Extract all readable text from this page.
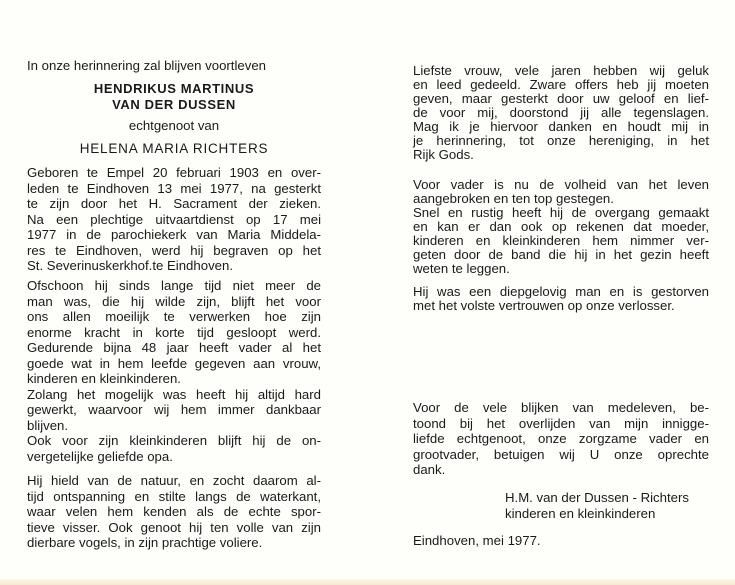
In onze herinnering zal blijven voortleven
HENDRIKUS MARTINUS
VAN DER DUSSEN
echtgenoot van
HELENA MARIA RICHTERS
Geboren te Empel 20 februari 1903 en over-
leden te Eindhoven 13 mei 1977, na gesterkt
te zijn door het H. Sacrament der zieken.
Na een plechtige uitvaartdienst op 17 mei
1977 in de parochiekerk van Maria Middela-
res te Eindhoven, werd hij begraven op het
St. Severinuskerkhof.te Eindhoven.
Ofschoon hij sinds lange tijd niet meer de
man was, die hij wilde zijn, blijft het voor
ons allen moeilijk te verwerken hoe zijn
enorme kracht in korte tijd gesloopt werd.
Gedurende bijna 48 jaar heeft vader al het
goede wat in hem leefde gegeven aan vrouw,
kinderen en kleinkinderen.
Zolang het mogelijk was heeft hij altijd hard
gewerkt, waarvoor wij hem immer dankbaar
blijven.
Ook voor zijn kleinkinderen blijft hij de on-
vergetelijke geliefde opa.
Hij hield van de natuur, en zocht daarom al-
tijd ontspanning en stilte langs de waterkant,
waar velen hem kenden als de echte spor-
tieve visser. Ook genoot hij ten volle van zijn
dierbare vogels, in zijn prachtige voliere.
Liefste vrouw, vele jaren hebben wij geluk
en leed gedeeld. Zware offers heb jij moeten
geven, maar gesterkt door uw geloof en lief-
de voor mij, doorstond jij alle tegenslagen.
Mag ik je hiervoor danken en houdt mij in
je herinnering, tot onze hereniging, in het
Rijk Gods.
Voor vader is nu de volheid van het leven
aangebroken en ten top gestegen.
Snel en rustig heeft hij de overgang gemaakt
en kan er dan ook op rekenen dat moeder,
kinderen en kleinkinderen hem nimmer ver-
geten door de band die hij in het gezin heeft
weten te leggen.
Hij was een diepgelovig man en is gestorven
met het volste vertrouwen op onze verlosser.
Voor de vele blijken van medeleven, be-
toond bij het overlijden van mijn innigge-
liefde echtgenoot, onze zorgzame vader en
grootvader, betuigen wij U onze oprechte
dank.
H.M. van der Dussen - Richters
kinderen en kleinkinderen
Eindhoven, mei 1977.
